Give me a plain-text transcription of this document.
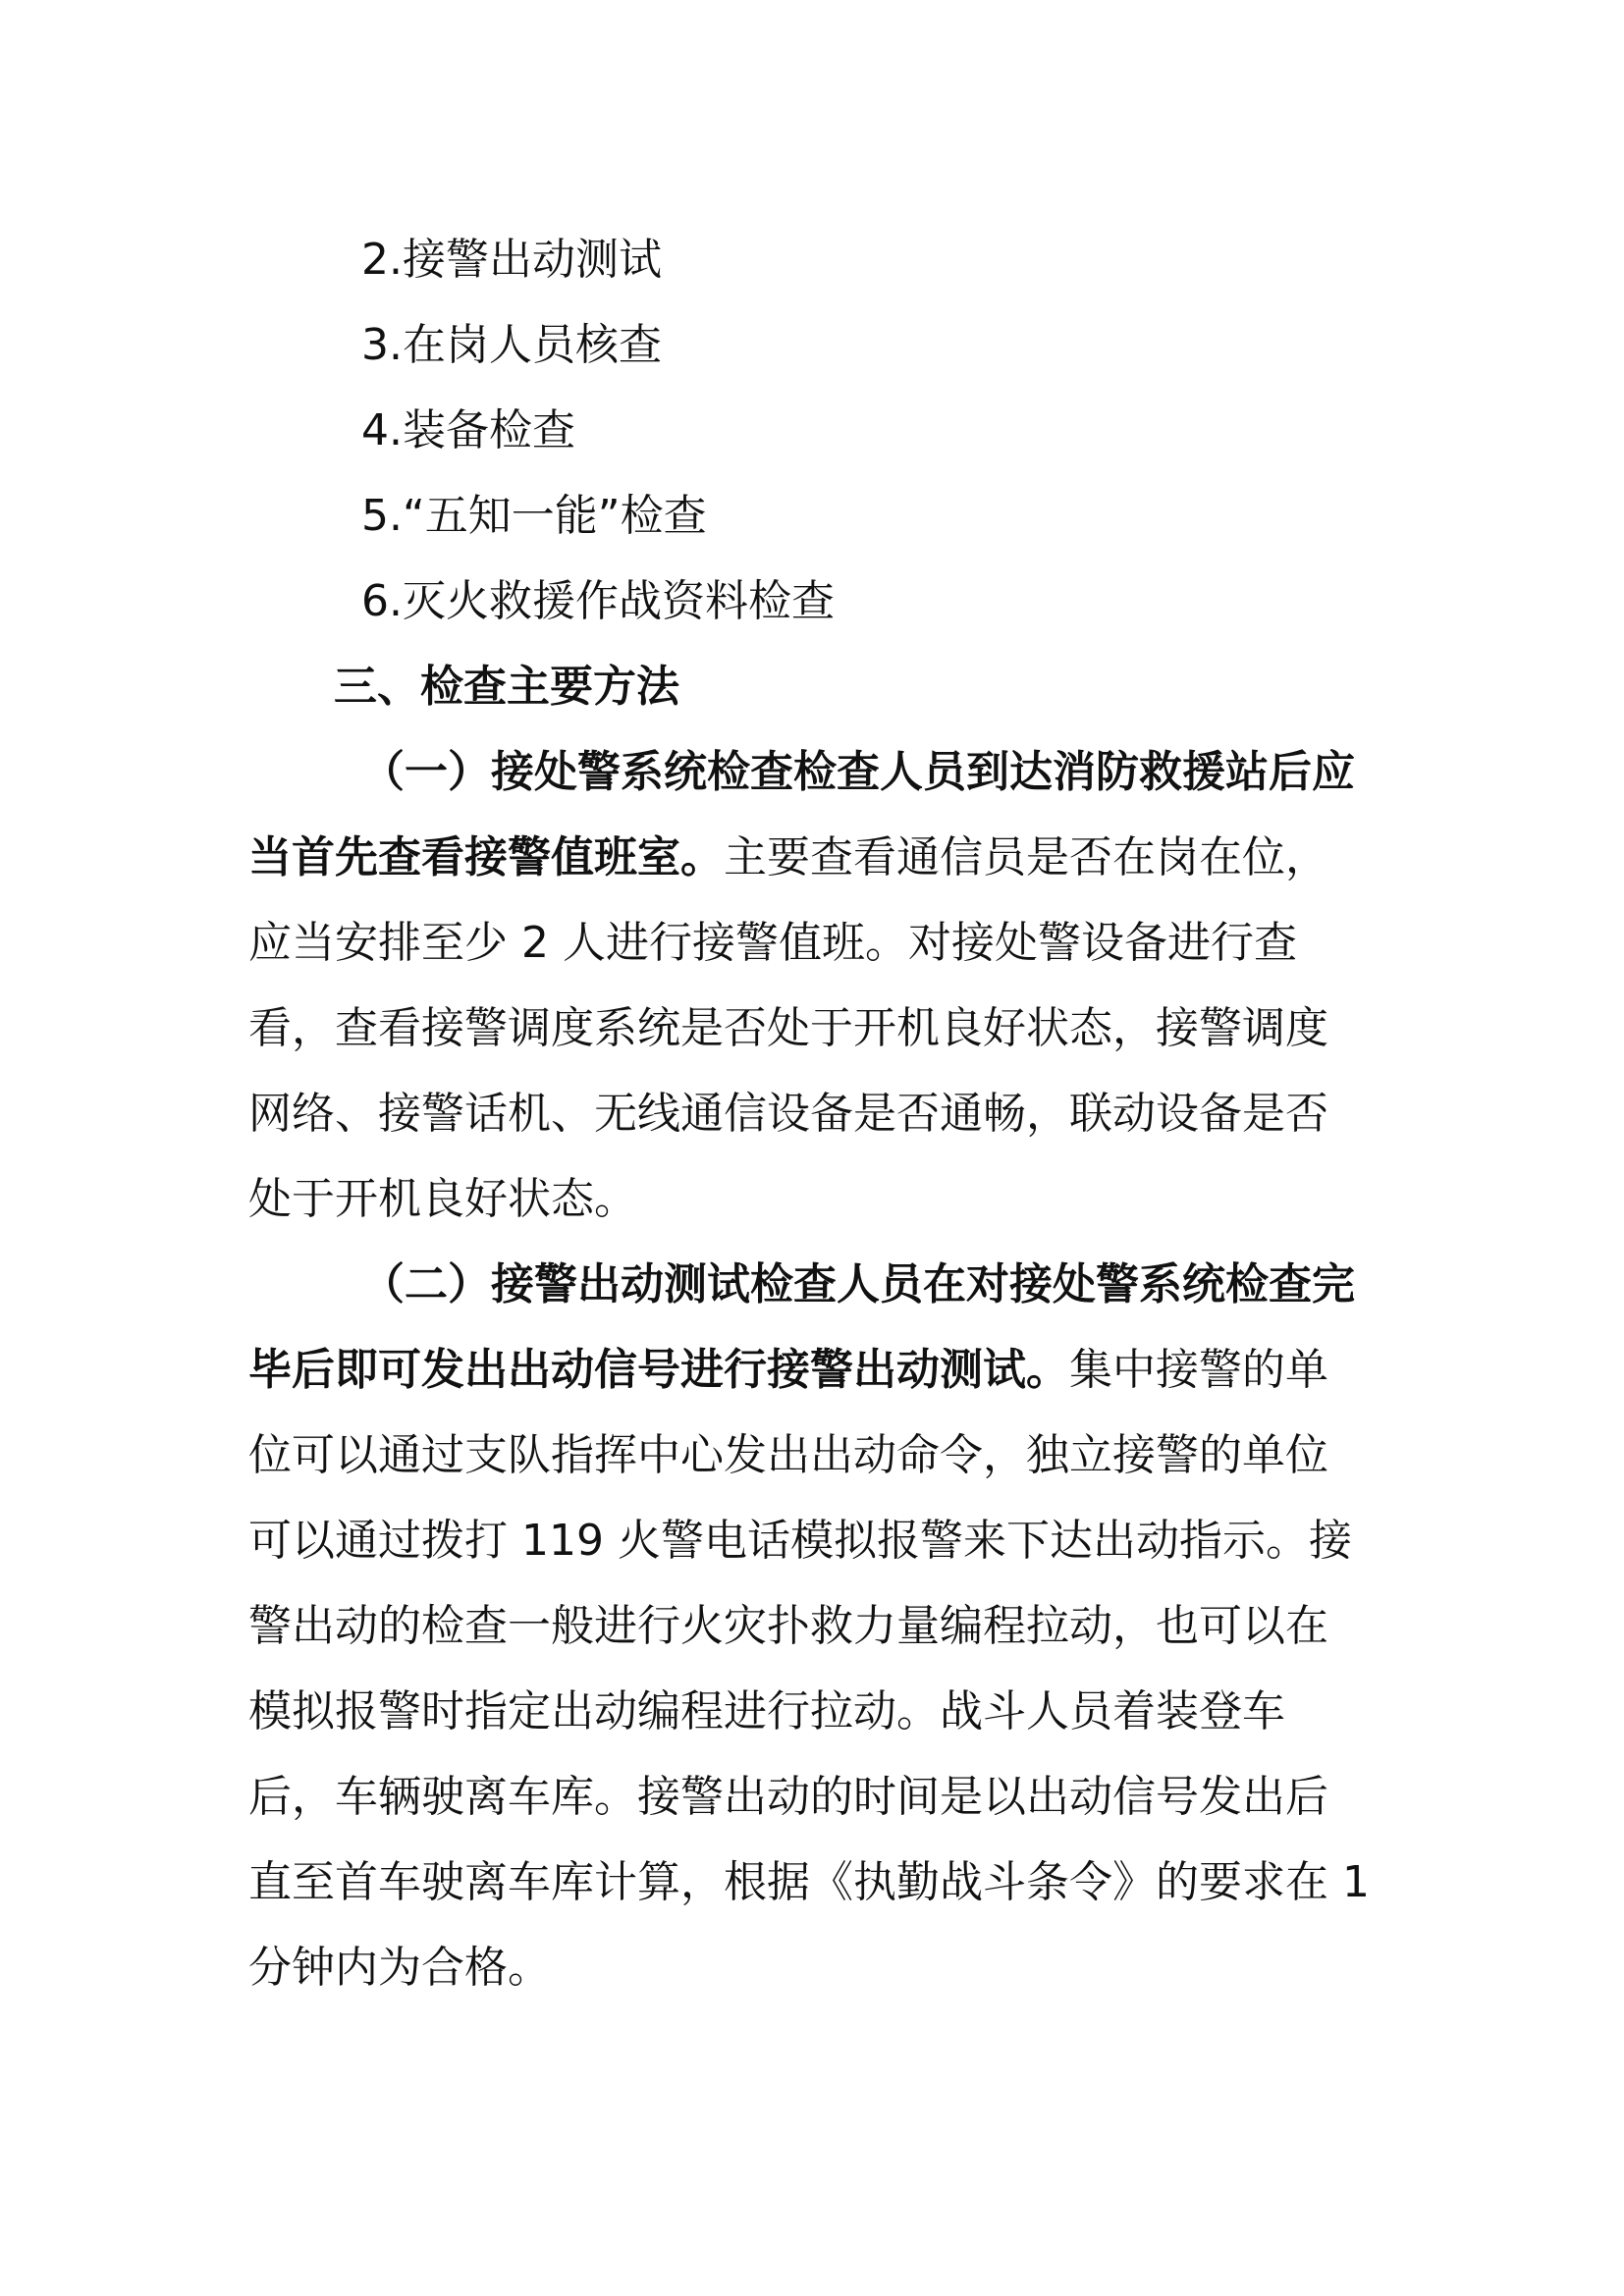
2.接警出动测试
3.在岗人员核查
4.装备检查
5.“五知一能”检查
6.灭火救援作战资料检查
三、检查主要方法
（一）接处警系统检查检查人员到达消防救援站后应
当首先查看接警值班室。主要查看通信员是否在岗在位，
应当安排至少 2 人进行接警值班。对接处警设备进行查
看，查看接警调度系统是否处于开机良好状态，接警调度
网络、接警话机、无线通信设备是否通畅，联动设备是否
处于开机良好状态。
（二）接警出动测试检查人员在对接处警系统检查完
毕后即可发出出动信号进行接警出动测试。集中接警的单
位可以通过支队指挥中心发出出动命令，独立接警的单位
可以通过拨打 119 火警电话模拟报警来下达出动指示。接
警出动的检查一般进行火灾扑救力量编程拉动，也可以在
模拟报警时指定出动编程进行拉动。战斗人员着装登车
后，车辆驶离车库。接警出动的时间是以出动信号发出后
直至首车驶离车库计算，根据《执勤战斗条令》的要求在 1
分钟内为合格。
